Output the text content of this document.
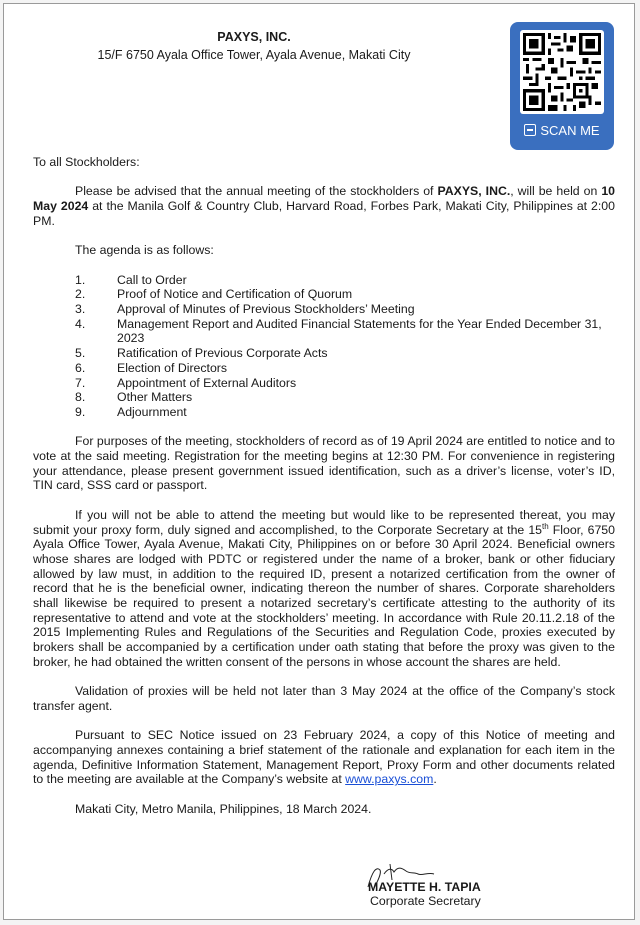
PAXYS, INC.
15/F 6750 Ayala Office Tower, Ayala Avenue, Makati City
SCAN ME

To all Stockholders:

Please be advised that the annual meeting of the stockholders of PAXYS, INC., will be held on 10 May 2024 at the Manila Golf & Country Club, Harvard Road, Forbes Park, Makati City, Philippines at 2:00 PM.

The agenda is as follows:

1.	Call to Order
2.	Proof of Notice and Certification of Quorum
3.	Approval of Minutes of Previous Stockholders’ Meeting
4.	Management Report and Audited Financial Statements for the Year Ended December 31, 2023
5.	Ratification of Previous Corporate Acts
6.	Election of Directors
7.	Appointment of External Auditors
8.	Other Matters
9.	Adjournment

For purposes of the meeting, stockholders of record as of 19 April 2024 are entitled to notice and to vote at the said meeting. Registration for the meeting begins at 12:30 PM. For convenience in registering your attendance, please present government issued identification, such as a driver’s license, voter’s ID, TIN card, SSS card or passport.

If you will not be able to attend the meeting but would like to be represented thereat, you may submit your proxy form, duly signed and accomplished, to the Corporate Secretary at the 15th Floor, 6750 Ayala Office Tower, Ayala Avenue, Makati City, Philippines on or before 30 April 2024. Beneficial owners whose shares are lodged with PDTC or registered under the name of a broker, bank or other fiduciary allowed by law must, in addition to the required ID, present a notarized certification from the owner of record that he is the beneficial owner, indicating thereon the number of shares. Corporate shareholders shall likewise be required to present a notarized secretary’s certificate attesting to the authority of its representative to attend and vote at the stockholders’ meeting. In accordance with Rule 20.11.2.18 of the 2015 Implementing Rules and Regulations of the Securities and Regulation Code, proxies executed by brokers shall be accompanied by a certification under oath stating that before the proxy was given to the broker, he had obtained the written consent of the persons in whose account the shares are held.

Validation of proxies will be held not later than 3 May 2024 at the office of the Company’s stock transfer agent.

Pursuant to SEC Notice issued on 23 February 2024, a copy of this Notice of meeting and accompanying annexes containing a brief statement of the rationale and explanation for each item in the agenda, Definitive Information Statement, Management Report, Proxy Form and other documents related to the meeting are available at the Company’s website at www.paxys.com.

Makati City, Metro Manila, Philippines, 18 March 2024.

MAYETTE H. TAPIA
Corporate Secretary
